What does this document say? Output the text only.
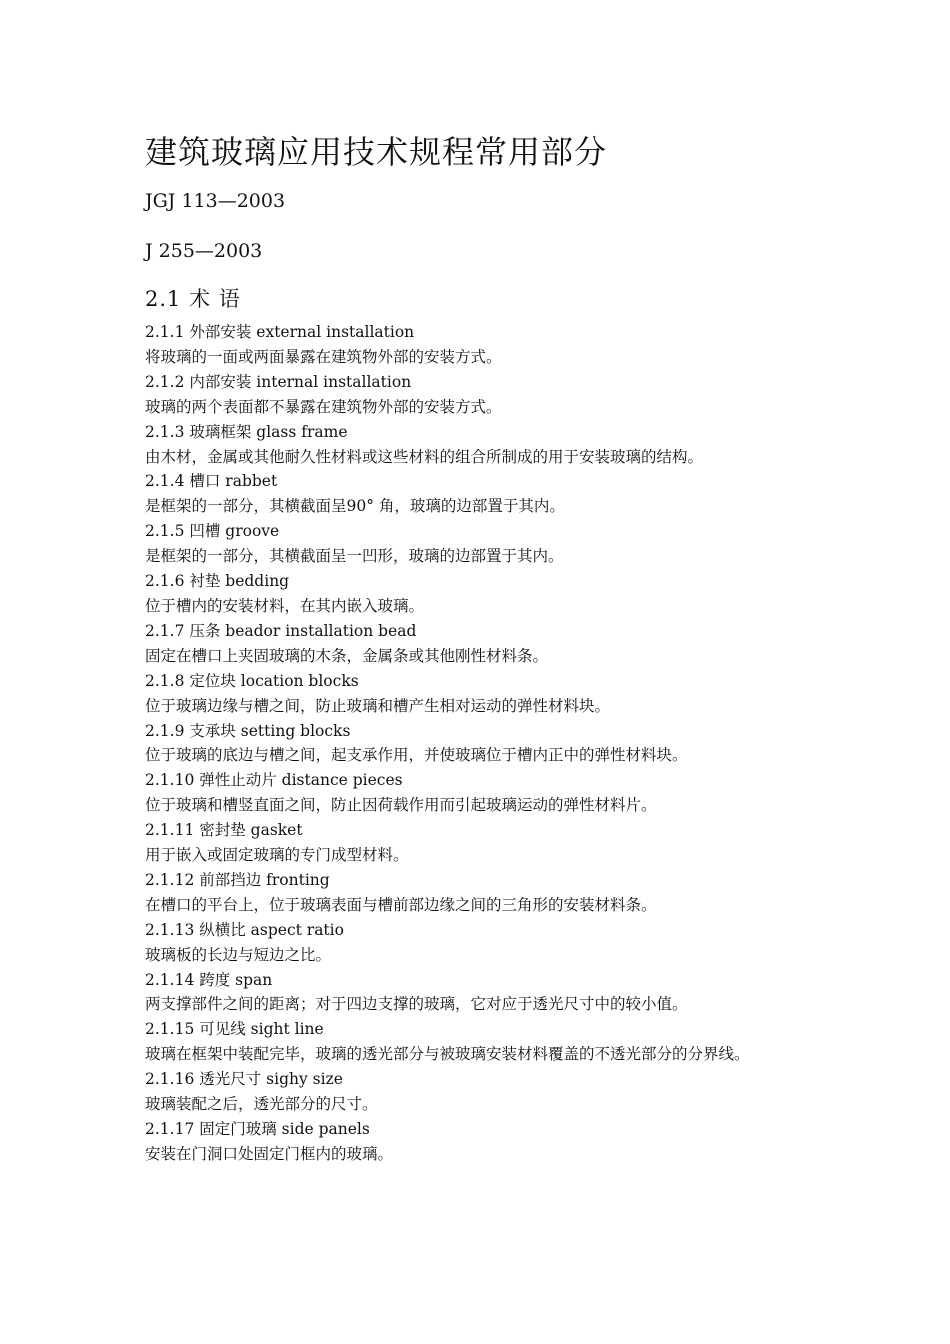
建筑玻璃应用技术规程常用部分
JGJ 113—2003
J 255—2003
2.1 术 语
2.1.1 外部安装 external installation
将玻璃的一面或两面暴露在建筑物外部的安装方式。
2.1.2 内部安装 internal installation
玻璃的两个表面都不暴露在建筑物外部的安装方式。
2.1.3 玻璃框架 glass frame
由木材，金属或其他耐久性材料或这些材料的组合所制成的用于安装玻璃的结构。
2.1.4 槽口 rabbet
是框架的一部分，其横截面呈90° 角，玻璃的边部置于其内。
2.1.5 凹槽 groove
是框架的一部分，其横截面呈一凹形，玻璃的边部置于其内。
2.1.6 衬垫 bedding
位于槽内的安装材料，在其内嵌入玻璃。
2.1.7 压条 beador installation bead
固定在槽口上夹固玻璃的木条，金属条或其他刚性材料条。
2.1.8 定位块 location blocks
位于玻璃边缘与槽之间，防止玻璃和槽产生相对运动的弹性材料块。
2.1.9 支承块 setting blocks
位于玻璃的底边与槽之间，起支承作用，并使玻璃位于槽内正中的弹性材料块。
2.1.10 弹性止动片 distance pieces
位于玻璃和槽竖直面之间，防止因荷载作用而引起玻璃运动的弹性材料片。
2.1.11 密封垫 gasket
用于嵌入或固定玻璃的专门成型材料。
2.1.12 前部挡边 fronting
在槽口的平台上，位于玻璃表面与槽前部边缘之间的三角形的安装材料条。
2.1.13 纵横比 aspect ratio
玻璃板的长边与短边之比。
2.1.14 跨度 span
两支撑部件之间的距离；对于四边支撑的玻璃，它对应于透光尺寸中的较小值。
2.1.15 可见线 sight line
玻璃在框架中装配完毕，玻璃的透光部分与被玻璃安装材料覆盖的不透光部分的分界线。
2.1.16 透光尺寸 sighy size
玻璃装配之后，透光部分的尺寸。
2.1.17 固定门玻璃 side panels
安装在门洞口处固定门框内的玻璃。
